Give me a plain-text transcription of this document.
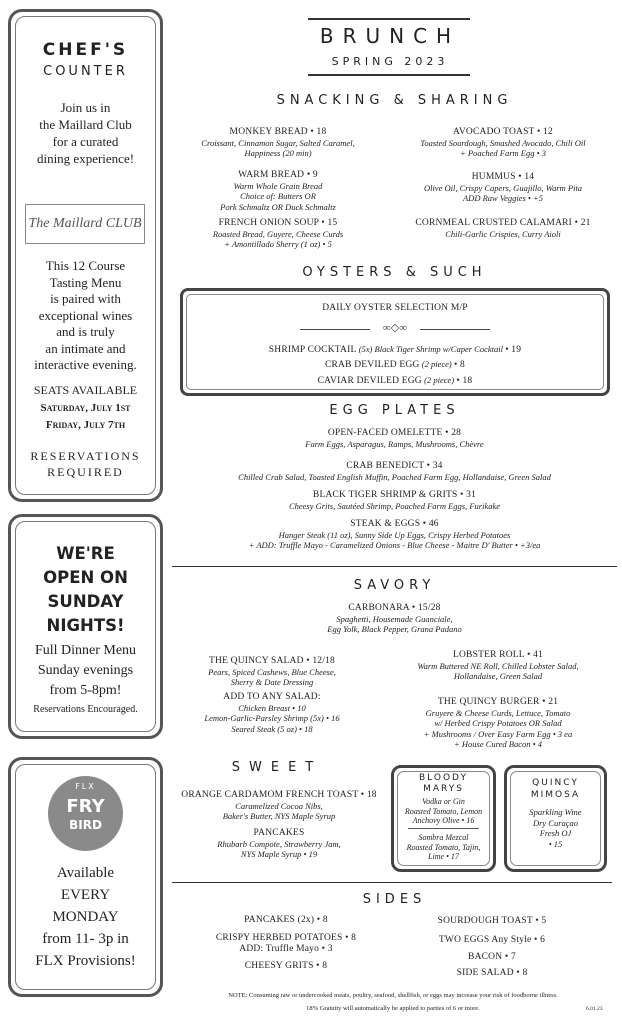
CHEF'S
COUNTER
Join us in
the Maillard Club
for a curated
dining experience!
The Maillard CLUB
This 12 Course
Tasting Menu
is paired with
exceptional wines
and is truly
an intimate and
interactive evening.
SEATS AVAILABLE
Saturday, July 1st
Friday, July 7th
RESERVATIONS
REQUIRED
WE'RE
OPEN ON
SUNDAY
NIGHTS!
Full Dinner Menu
Sunday evenings
from 5-8pm!
Reservations Encouraged.
FLX
FRY
BIRD
Available
EVERY
MONDAY
from 11- 3p in
FLX Provisions!
BRUNCH
SPRING 2023
SNACKING & SHARING
MONKEY BREAD • 18
Croissant, Cinnamon Sugar, Salted Caramel,
Happiness (20 min)
WARM BREAD • 9
Warm Whole Grain Bread
Choice of: Butters OR
Pork Schmaltz OR Duck Schmaltz
FRENCH ONION SOUP • 15
Roasted Bread, Guyere, Cheese Curds
+ Amontillado Sherry (1 oz) • 5
AVOCADO TOAST • 12
Toasted Sourdough, Smashed Avocado, Chili Oil
+ Poached Farm Egg • 3
HUMMUS • 14
Olive Oil, Crispy Capers, Guajillo, Warm Pita
ADD Raw Veggies • +5
CORNMEAL CRUSTED CALAMARI • 21
Chili-Garlic Crispies, Curry Aioli
OYSTERS & SUCH
DAILY OYSTER SELECTION M/P
∞◇∞
SHRIMP COCKTAIL (5x) Black Tiger Shrimp w/Caper Cocktail • 19
CRAB DEVILED EGG (2 piece) • 8
CAVIAR DEVILED EGG (2 piece) • 18
EGG PLATES
OPEN-FACED OMELETTE • 28
Farm Eggs, Asparagus, Ramps, Mushrooms, Chèvre
CRAB BENEDICT • 34
Chilled Crab Salad, Toasted English Muffin, Poached Farm Egg, Hollandaise, Green Salad
BLACK TIGER SHRIMP & GRITS • 31
Cheesy Grits, Sautéed Shrimp, Poached Farm Eggs, Furikake
STEAK & EGGS • 46
Hanger Steak (11 oz), Sunny Side Up Eggs, Crispy Herbed Potatoes
+ ADD: Truffle Mayo - Caramelized Onions - Blue Cheese - Maitre D' Butter • +3/ea
SAVORY
CARBONARA • 15/28
Spaghetti, Housemade Guanciale,
Egg Yolk, Black Pepper, Grana Padano
THE QUINCY SALAD • 12/18
Pears, Spiced Cashews, Blue Cheese,
Sherry & Date Dressing
ADD TO ANY SALAD:
Chicken Breast • 10
Lemon-Garlic-Parsley Shrimp (5x) • 16
Seared Steak (5 oz) • 18
LOBSTER ROLL • 41
Warm Buttered NE Roll, Chilled Lobster Salad,
Hollandaise, Green Salad
THE QUINCY BURGER • 21
Gruyere & Cheese Curds, Lettuce, Tomato
w/ Herbed Crispy Potatoes OR Salad
+ Mushrooms / Over Easy Farm Egg • 3 ea
+ House Cured Bacon • 4
SWEET
ORANGE CARDAMOM FRENCH TOAST • 18
Caramelized Cocoa Nibs,
Baker's Butter, NYS Maple Syrup
PANCAKES
Rhubarb Compote, Strawberry Jam,
NYS Maple Syrup • 19
BLOODY
MARYS
Vodka or Gin
Roasted Tomato, Lemon
Anchovy Olive • 16
Sombra Mezcal
Roasted Tomato, Tajin,
Lime • 17
QUINCY
MIMOSA
Sparkling Wine
Dry Curaçao
Fresh OJ
• 15
SIDES
PANCAKES (2x) • 8
CRISPY HERBED POTATOES • 8
ADD: Truffle Mayo • 3
CHEESY GRITS • 8
SOURDOUGH TOAST • 5
TWO EGGS Any Style • 6
BACON • 7
SIDE SALAD • 8
NOTE: Consuming raw or undercooked meats, poultry, seafood, shellfish, or eggs may increase your risk of foodborne illness.
18% Gratuity will automatically be applied to parties of 6 or more.	6.01.23
